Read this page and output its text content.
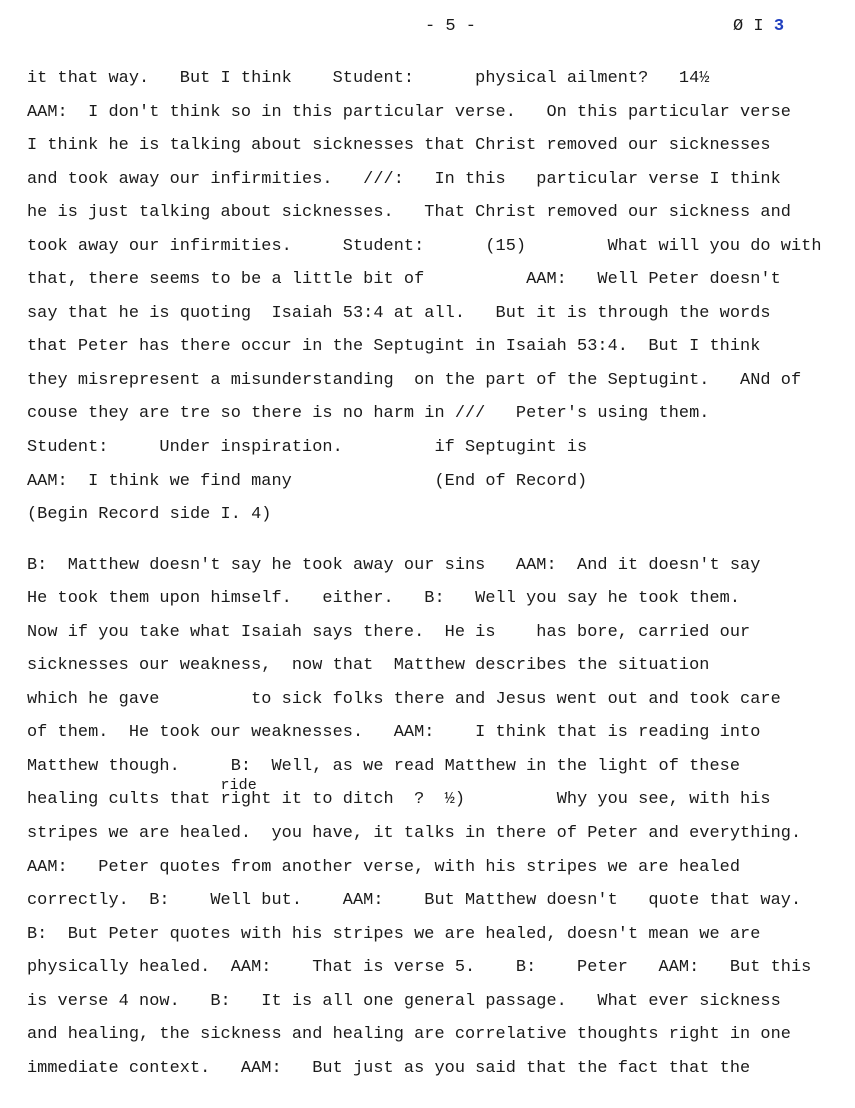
- 5 -	Ø I 3
it that way.   But I think    Student:      physical ailment?   14½
AAM:  I don't think so in this particular verse.   On this particular verse
I think he is talking about sicknesses that Christ removed our sicknesses
and took away our infirmities.   ///:   In this   particular verse I think
he is just talking about sicknesses.   That Christ removed our sickness and
took away our infirmities.     Student:      (15)        What will you do with
that, there seems to be a little bit of          AAM:   Well Peter doesn't
say that he is quoting  Isaiah 53:4 at all.   But it is through the words
that Peter has there occur in the Septugint in Isaiah 53:4.  But I think
they misrepresent a misunderstanding  on the part of the Septugint.   ANd of
couse they are tre so there is no harm in ///   Peter's using them.
Student:     Under inspiration.         if Septugint is
AAM:  I think we find many              (End of Record)
(Begin Record side I. 4)
B:  Matthew doesn't say he took away our sins   AAM:  And it doesn't say
He took them upon himself.   either.   B:   Well you say he took them.
Now if you take what Isaiah says there.  He is    has bore, carried our
sicknesses our weakness,  now that  Matthew describes the situation
which he gave         to sick folks there and Jesus went out and took care
of them.  He took our weaknesses.   AAM:    I think that is reading into
Matthew though.     B:  Well, as we read Matthew in the light of these
healing cults that
ride
right it to ditch  ?  ½)         Why you see, with his
stripes we are healed.  you have, it talks in there of Peter and everything.
AAM:   Peter quotes from another verse, with his stripes we are healed
correctly.  B:    Well but.    AAM:    But Matthew doesn't   quote that way.
B:  But Peter quotes with his stripes we are healed, doesn't mean we are
physically healed.  AAM:    That is verse 5.    B:    Peter   AAM:   But this
is verse 4 now.   B:   It is all one general passage.   What ever sickness
and healing, the sickness and healing are correlative thoughts right in one
immediate context.   AAM:   But just as you said that the fact that the
